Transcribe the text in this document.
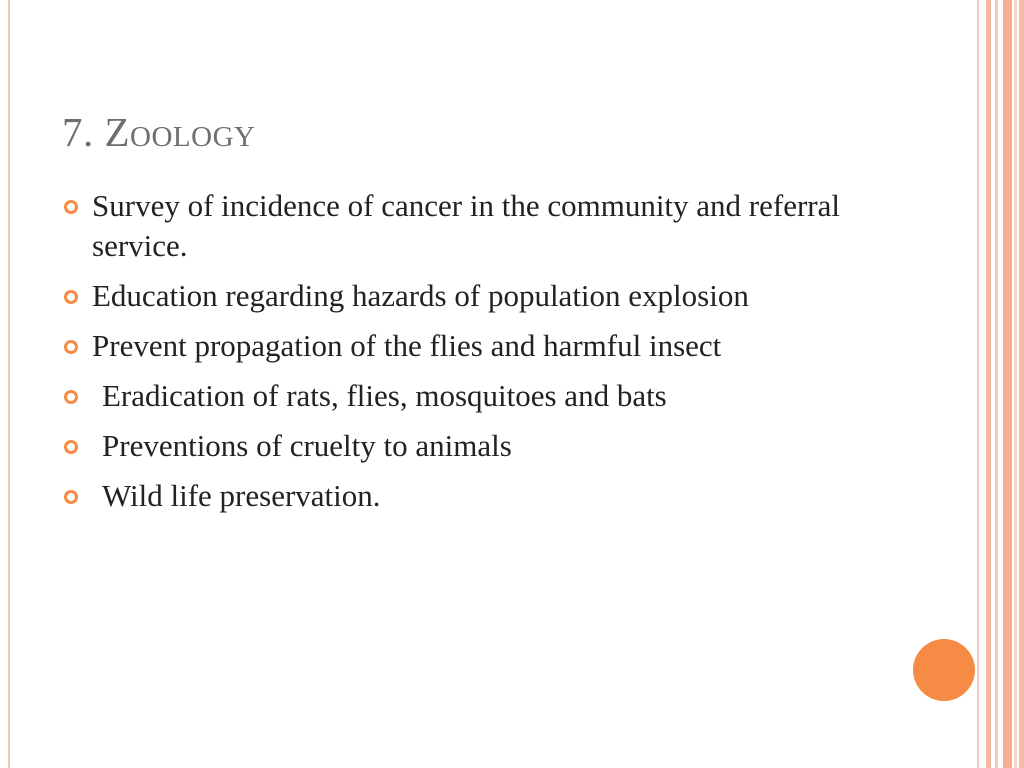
7. Zoology
Survey of incidence of cancer in the community and referral service.
Education regarding hazards of population explosion
Prevent propagation of the flies and harmful insect
Eradication of rats, flies, mosquitoes and bats
Preventions of cruelty to animals
Wild life preservation.
